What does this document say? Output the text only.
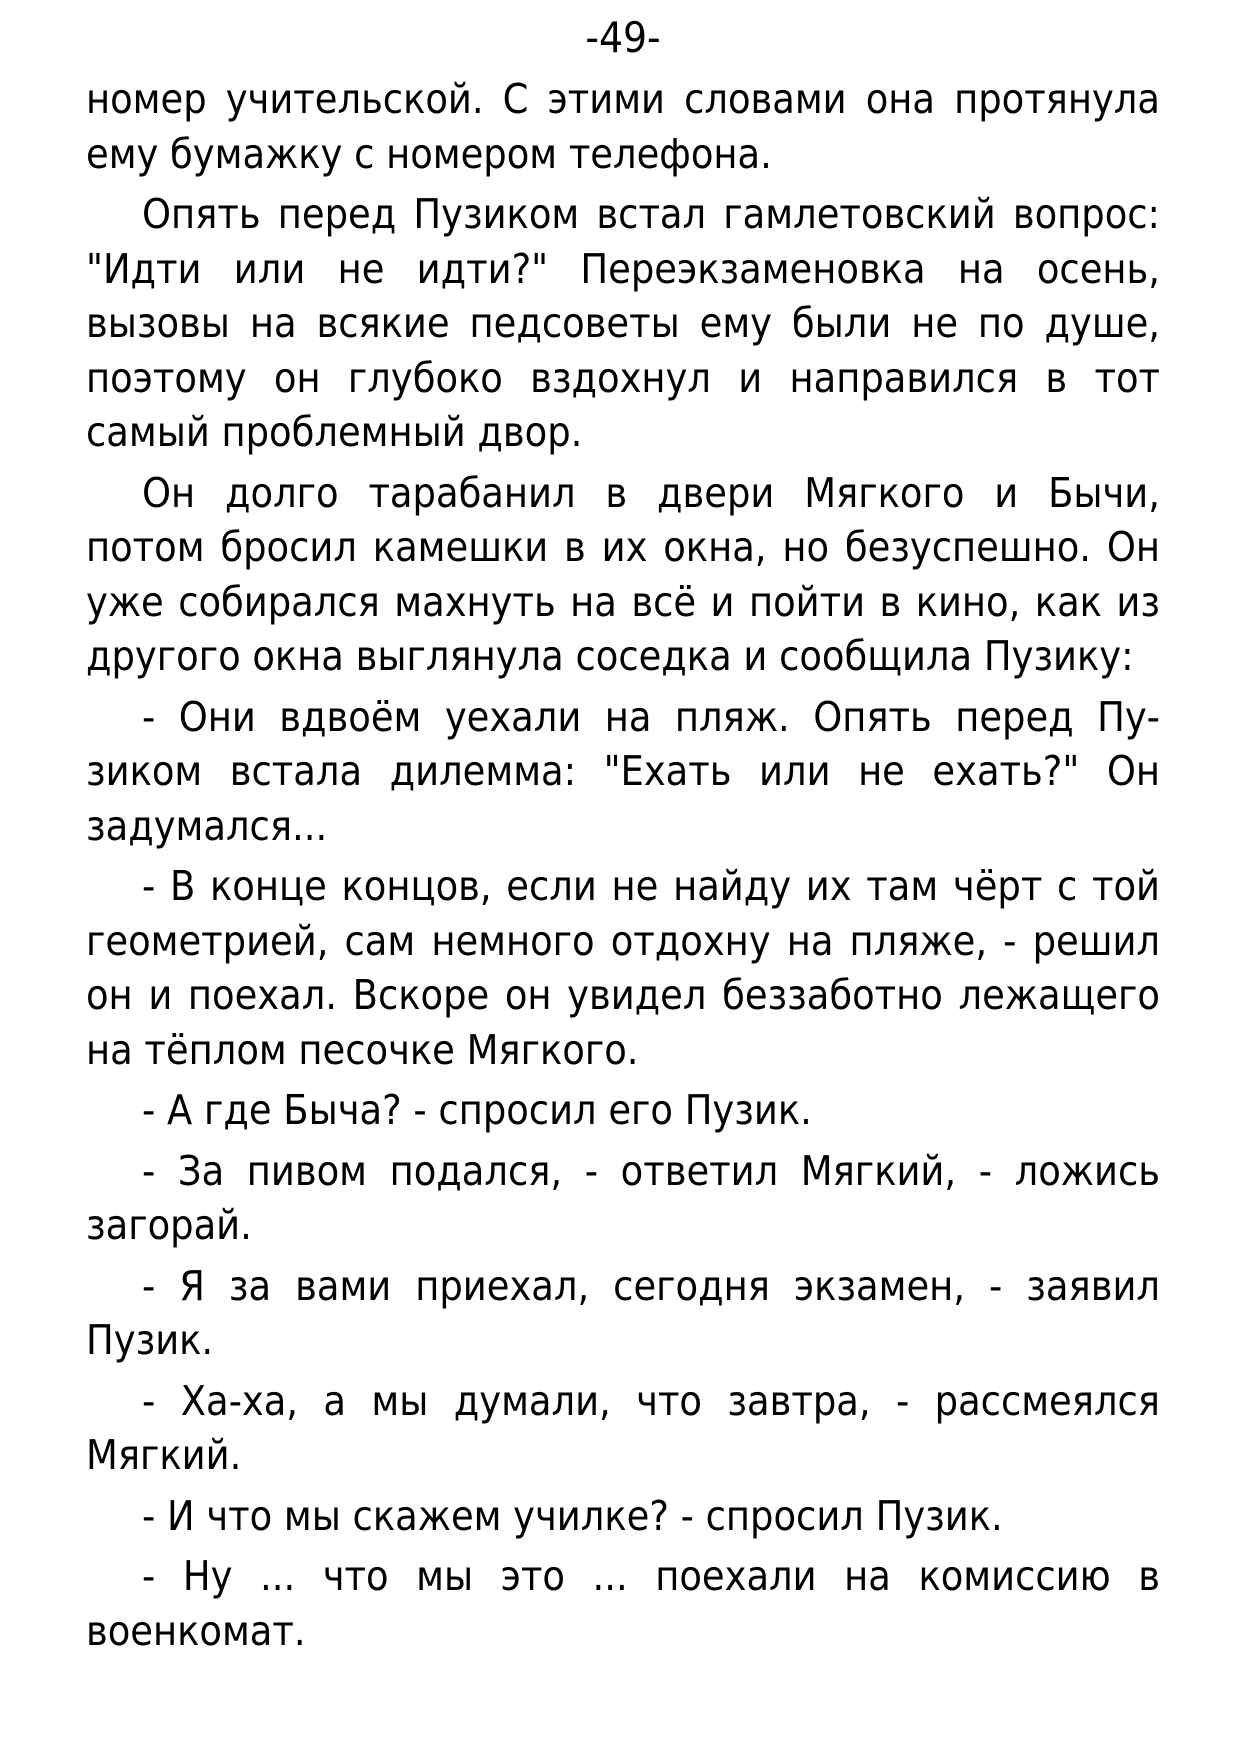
-49-

номер учительской. С этими словами она протянула ему бумажку с номером телефона.

Опять перед Пузиком встал гамлетовский вопрос: "Идти или не идти?" Переэкзаменовка на осень, вызовы на всякие педсоветы ему были не по душе, поэтому он глубоко вздохнул и направился в тот самый проблемный двор.

Он долго тарабанил в двери Мягкого и Бычи, потом бросил камешки в их окна, но безуспешно. Он уже собирался махнуть на всё и пойти в кино, как из другого окна выглянула соседка и сообщила Пузику:

- Они вдвоём уехали на пляж. Опять перед Пузиком встала дилемма: "Ехать или не ехать?" Он задумался...

- В конце концов, если не найду их там чёрт с той геометрией, сам немного отдохну на пляже, - решил он и поехал. Вскоре он увидел беззаботно лежащего на тёплом песочке Мягкого.

- А где Быча? - спросил его Пузик.

- За пивом подался, - ответил Мягкий, - ложись загорай.

- Я за вами приехал, сегодня экзамен, - заявил Пузик.

- Ха-ха, а мы думали, что завтра, - рассмеялся Мягкий.

- И что мы скажем училке? - спросил Пузик.

- Ну ... что мы это ... поехали на комиссию в военкомат.
